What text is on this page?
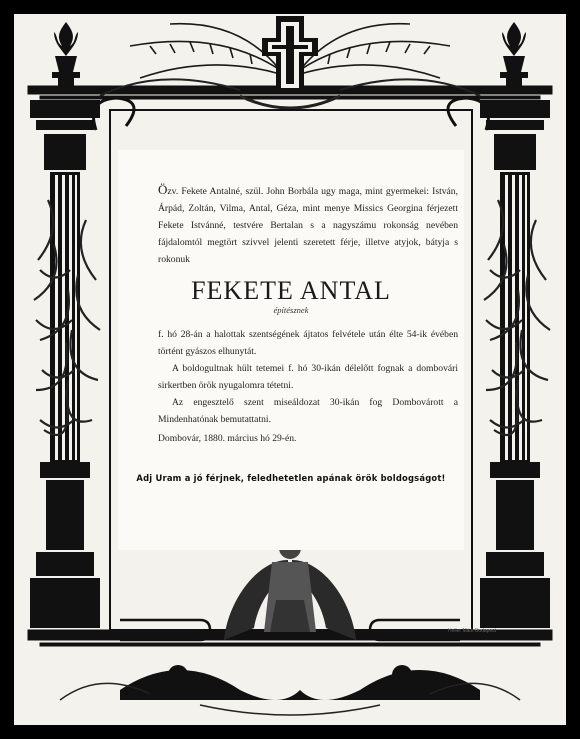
Özv. Fekete Antalné, szül. John Borbála ugy maga, mint gyermekei: István, Árpád, Zoltán, Vilma, Antal, Géza, mint menye Missics Georgina férjezett Fekete Istvánné, testvére Bertalan s a nagyszámu rokonság nevében fájdalomtól megtört szivvel jelenti szeretett férje, illetve atyjok, bátyja s rokonuk

FEKETE ANTAL
építésznek

f. hó 28-án a halottak szentségének ájtatos felvétele után élte 54-ik évében történt gyászos elhunytát.

A boldogultnak hült tetemei f. hó 30-ikán délelőtt fognak a dombovári sirkertben örök nyugalomra tétetni.

Az engesztelő szent miseáldozat 30-ikán fog Dombovárott a Mindenhatónak bemutattatni.

Dombovár, 1880. március hó 29-én.
Adj Uram a jó férjnek, feledhetetlen apának örök boldogságot!
Heller Márk Budapest
